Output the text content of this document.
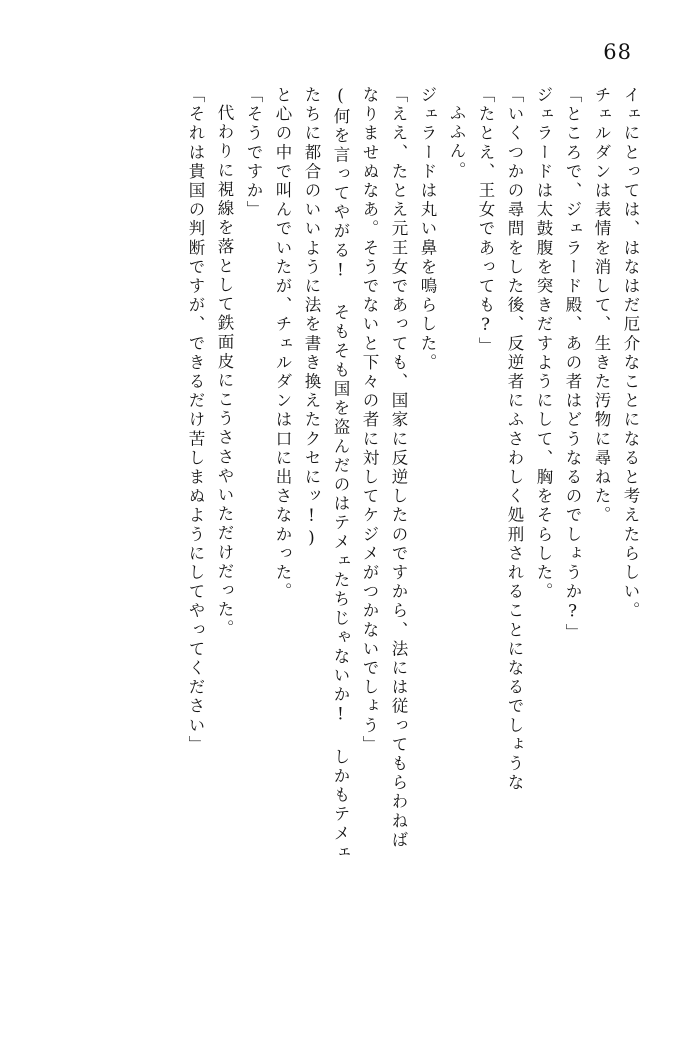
68
イェにとっては、はなはだ厄介なことになると考えたらしい。
チェルダンは表情を消して、生きた汚物に尋ねた。
「ところで、ジェラード殿、あの者はどうなるのでしょうか?」
ジェラードは太鼓腹を突きだすようにして、胸をそらした。
「いくつかの尋問をした後、反逆者にふさわしく処刑されることになるでしょうな
「たとえ、王女であっても?」
ふふん。
ジェラードは丸い鼻を鳴らした。
「ええ、たとえ元王女であっても、国家に反逆したのですから、法には従ってもらわねば
なりませぬなあ。そうでないと下々の者に対してケジメがつかないでしょう」
(何を言ってやがる! そもそも国を盗んだのはテメェたちじゃないか! しかもテメェ
たちに都合のいいように法を書き換えたクセにッ!)
と心の中で叫んでいたが、チェルダンは口に出さなかった。
「そうですか」
代わりに視線を落として鉄面皮にこうささやいただけだった。
「それは貴国の判断ですが、できるだけ苦しまぬようにしてやってください」
